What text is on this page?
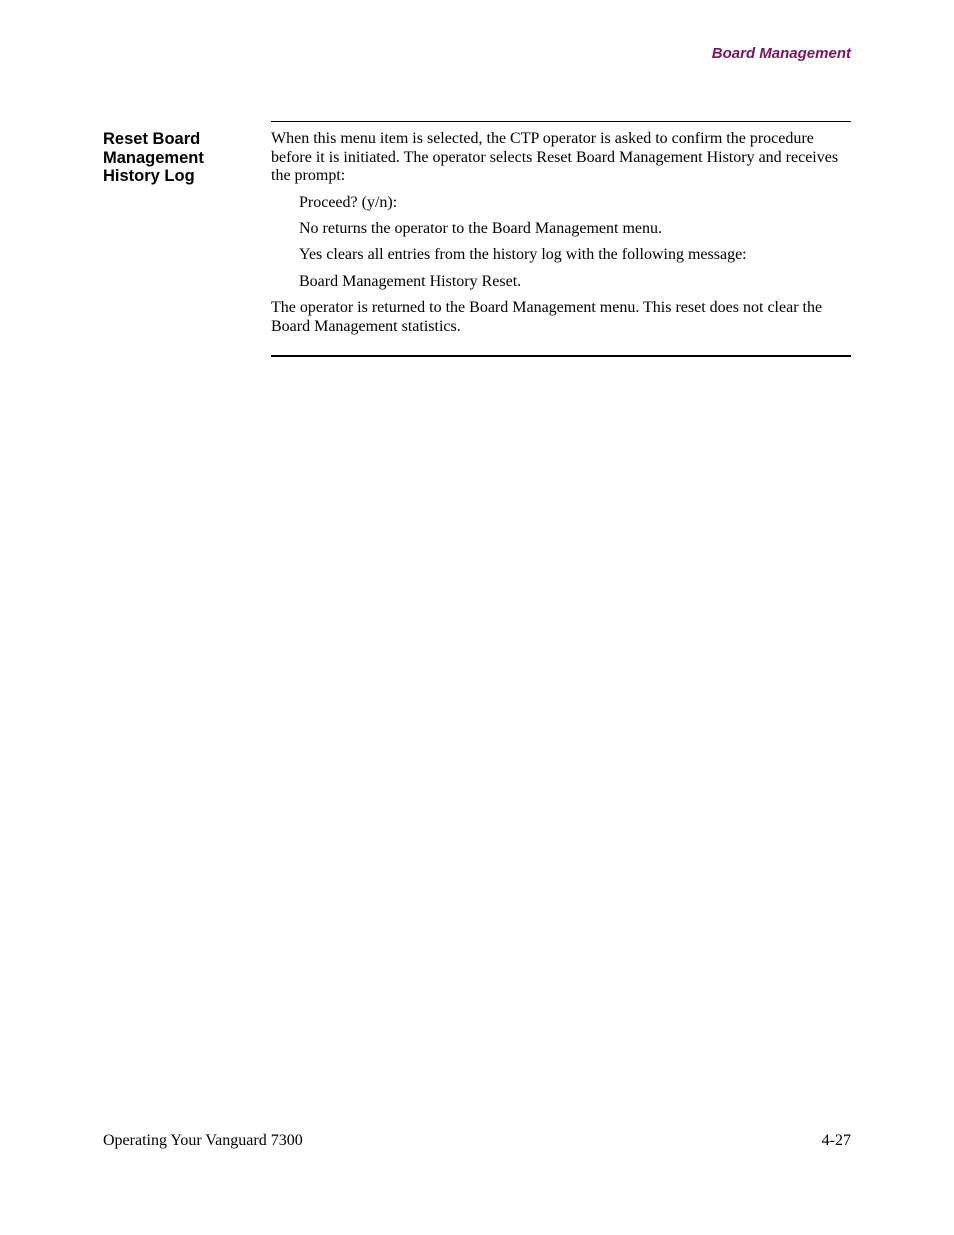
Board Management
Reset Board
Management
History Log

When this menu item is selected, the CTP operator is asked to confirm the procedure before it is initiated. The operator selects Reset Board Management History and receives the prompt:

Proceed? (y/n):

No returns the operator to the Board Management menu.

Yes clears all entries from the history log with the following message:

Board Management History Reset.

The operator is returned to the Board Management menu. This reset does not clear the Board Management statistics.

Operating Your Vanguard 7300	4-27
